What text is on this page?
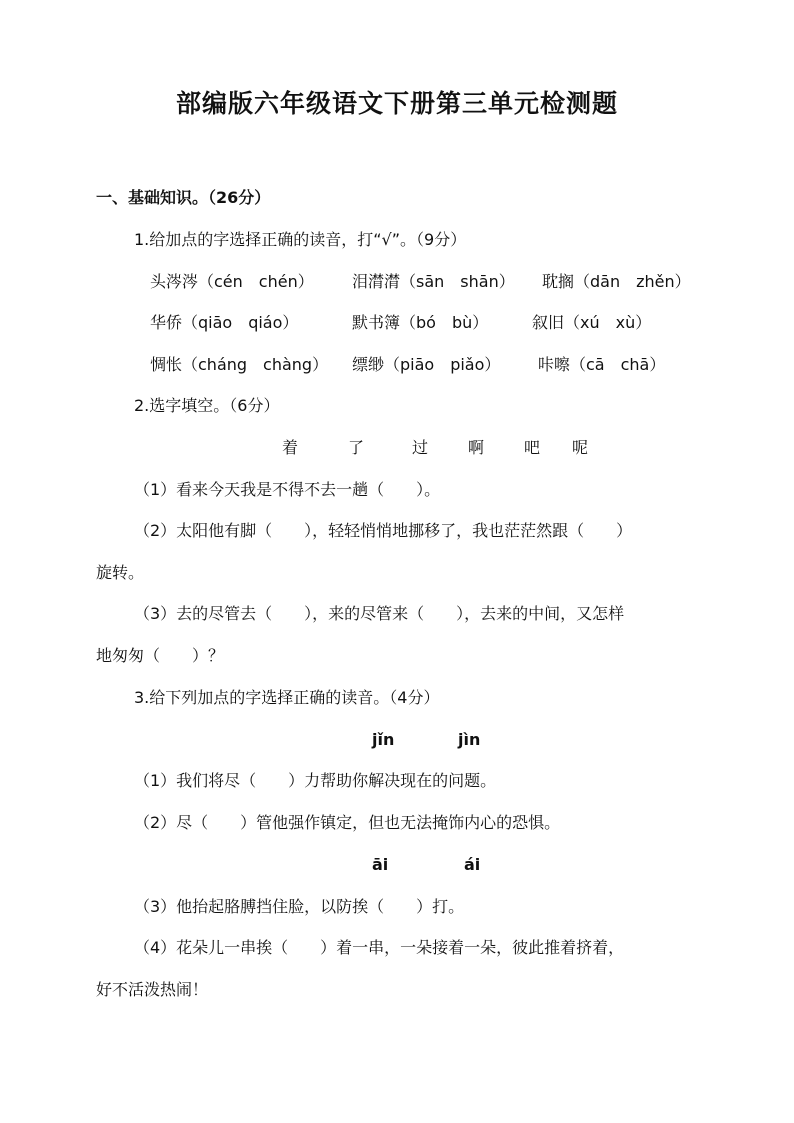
部编版六年级语文下册第三单元检测题
一、基础知识。（26分）
1.给加点的字选择正确的读音，打“√”。（9分）
头涔涔（cén　chén） 泪潸潸（sān　shān） 耽搁（dān　zhěn）
华侨（qiāo　qiáo）	默书簿（bó　bù）	叙旧（xú　xù）
惆怅（cháng　chàng） 缥缈（piāo　piǎo） 咔嚓（cā　chā）
2.选字填空。（6分）
着	了	过 啊 吧 呢
（1）看来今天我是不得不去一趟（　　）。
（2）太阳他有脚（　　），轻轻悄悄地挪移了，我也茫茫然跟（　　）
旋转。
（3）去的尽管去（　　），来的尽管来（　　），去来的中间，又怎样
地匆匆（　　）？
3.给下列加点的字选择正确的读音。（4分）
jǐn	jìn
（1）我们将尽（　　）力帮助你解决现在的问题。
（2）尽（　　）管他强作镇定，但也无法掩饰内心的恐惧。
āi	ái
（3）他抬起胳膊挡住脸，以防挨（　　）打。
（4）花朵儿一串挨（　　）着一串，一朵接着一朵，彼此推着挤着，
好不活泼热闹！
